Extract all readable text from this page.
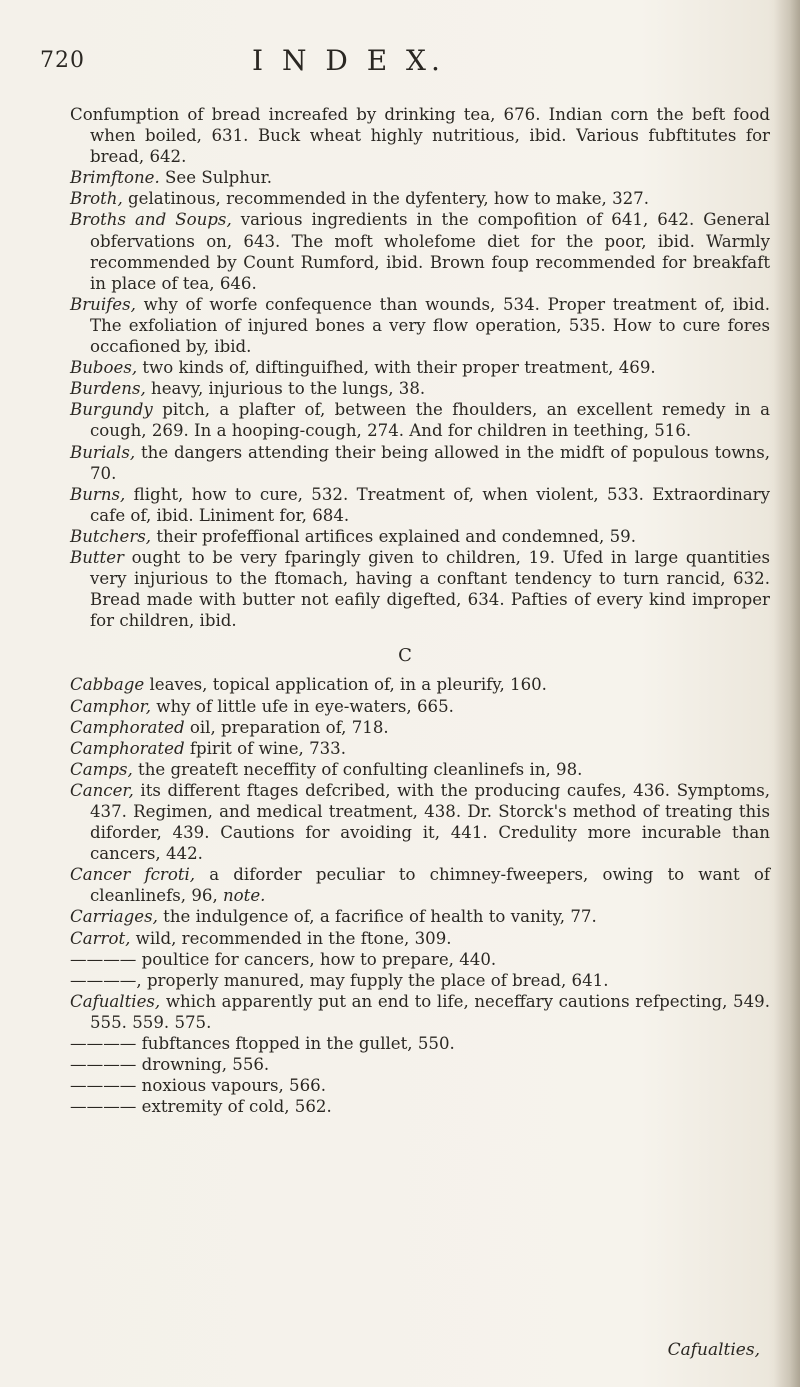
720	I N D E X.

Confumption of bread increafed by drinking tea, 676. Indian corn the beft food when boiled, 631. Buck wheat highly nutritious, ibid. Various fubftitutes for bread, 642.

Brimftone. See Sulphur.

Broth, gelatinous, recommended in the dyfentery, how to make, 327.

Broths and Soups, various ingredients in the compofition of 641, 642. General obfervations on, 643. The moft wholefome diet for the poor, ibid. Warmly recommended by Count Rumford, ibid. Brown foup recommended for breakfaft in place of tea, 646.

Bruifes, why of worfe confequence than wounds, 534. Proper treatment of, ibid. The exfoliation of injured bones a very flow operation, 535. How to cure fores occafioned by, ibid.

Buboes, two kinds of, diftinguifhed, with their proper treatment, 469.

Burdens, heavy, injurious to the lungs, 38.

Burgundy pitch, a plafter of, between the fhoulders, an excellent remedy in a cough, 269. In a hooping-cough, 274. And for children in teething, 516.

Burials, the dangers attending their being allowed in the midft of populous towns, 70.

Burns, flight, how to cure, 532. Treatment of, when violent, 533. Extraordinary cafe of, ibid. Liniment for, 684.

Butchers, their profeffional artifices explained and condemned, 59.

Butter ought to be very fparingly given to children, 19. Ufed in large quantities very injurious to the ftomach, having a conftant tendency to turn rancid, 632. Bread made with butter not eafily digefted, 634. Pafties of every kind improper for children, ibid.

C

Cabbage leaves, topical application of, in a pleurify, 160.

Camphor, why of little ufe in eye-waters, 665.

Camphorated oil, preparation of, 718.

Camphorated fpirit of wine, 733.

Camps, the greateft neceffity of confulting cleanlinefs in, 98.

Cancer, its different ftages defcribed, with the producing caufes, 436. Symptoms, 437. Regimen, and medical treatment, 438. Dr. Storck's method of treating this diforder, 439. Cautions for avoiding it, 441. Credulity more incurable than cancers, 442.

Cancer fcroti, a diforder peculiar to chimney-fweepers, owing to want of cleanlinefs, 96, note.

Carriages, the indulgence of, a facrifice of health to vanity, 77.

Carrot, wild, recommended in the ftone, 309.

———— poultice for cancers, how to prepare, 440.

————, properly manured, may fupply the place of bread, 641.

Cafualties, which apparently put an end to life, neceffary cautions refpecting, 549. 555. 559. 575.

———— fubftances ftopped in the gullet, 550.

———— drowning, 556.

———— noxious vapours, 566.

———— extremity of cold, 562.

Cafualties,
